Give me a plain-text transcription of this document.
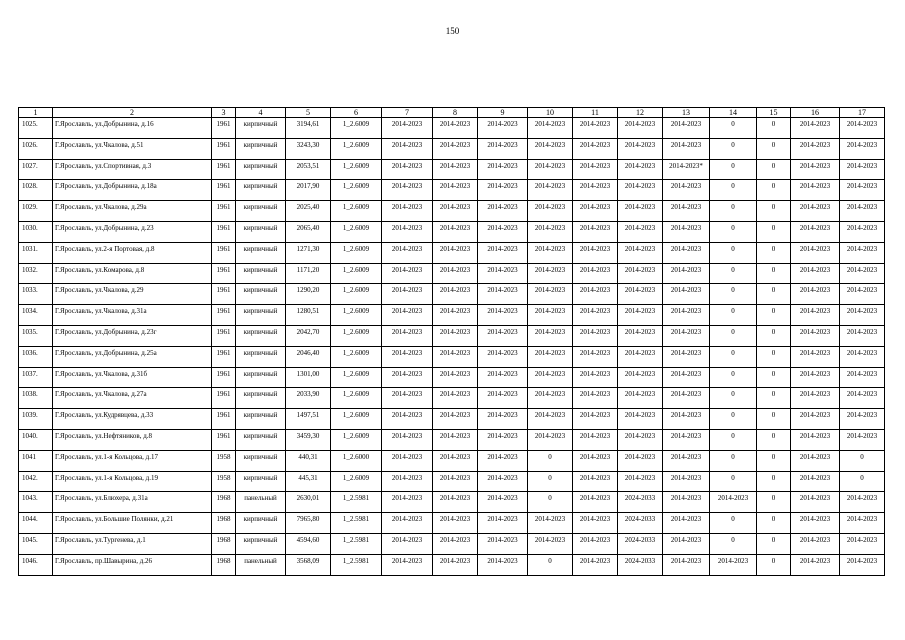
150
1	2	3	4	5	6	7	8	9	10	11	12	13	14	15	16	17
1025.	Г.Ярославль, ул.Добрынина, д.16	1961	кирпичный	3194,61	1_2.6009	2014-2023	2014-2023	2014-2023	2014-2023	2014-2023	2014-2023	2014-2023	0	0	2014-2023	2014-2023
1026.	Г.Ярославль, ул.Чкалова, д.51	1961	кирпичный	3243,30	1_2.6009	2014-2023	2014-2023	2014-2023	2014-2023	2014-2023	2014-2023	2014-2023	0	0	2014-2023	2014-2023
1027.	Г.Ярославль, ул.Спортивная, д.3	1961	кирпичный	2053,51	1_2.6009	2014-2023	2014-2023	2014-2023	2014-2023	2014-2023	2014-2023	2014-2023*	0	0	2014-2023	2014-2023
1028.	Г.Ярославль, ул.Добрынина, д.18а	1961	кирпичный	2017,90	1_2.6009	2014-2023	2014-2023	2014-2023	2014-2023	2014-2023	2014-2023	2014-2023	0	0	2014-2023	2014-2023
1029.	Г.Ярославль, ул.Чкалова, д.29а	1961	кирпичный	2025,40	1_2.6009	2014-2023	2014-2023	2014-2023	2014-2023	2014-2023	2014-2023	2014-2023	0	0	2014-2023	2014-2023
1030.	Г.Ярославль, ул.Добрынина, д.23	1961	кирпичный	2065,40	1_2.6009	2014-2023	2014-2023	2014-2023	2014-2023	2014-2023	2014-2023	2014-2023	0	0	2014-2023	2014-2023
1031.	Г.Ярославль, ул.2-я Портовая, д.8	1961	кирпичный	1271,30	1_2.6009	2014-2023	2014-2023	2014-2023	2014-2023	2014-2023	2014-2023	2014-2023	0	0	2014-2023	2014-2023
1032.	Г.Ярославль, ул.Комарова, д.8	1961	кирпичный	1171,20	1_2.6009	2014-2023	2014-2023	2014-2023	2014-2023	2014-2023	2014-2023	2014-2023	0	0	2014-2023	2014-2023
1033.	Г.Ярославль, ул.Чкалова, д.29	1961	кирпичный	1290,20	1_2.6009	2014-2023	2014-2023	2014-2023	2014-2023	2014-2023	2014-2023	2014-2023	0	0	2014-2023	2014-2023
1034.	Г.Ярославль, ул.Чкалова, д.31а	1961	кирпичный	1280,51	1_2.6009	2014-2023	2014-2023	2014-2023	2014-2023	2014-2023	2014-2023	2014-2023	0	0	2014-2023	2014-2023
1035.	Г.Ярославль, ул.Добрынина, д.23г	1961	кирпичный	2042,70	1_2.6009	2014-2023	2014-2023	2014-2023	2014-2023	2014-2023	2014-2023	2014-2023	0	0	2014-2023	2014-2023
1036.	Г.Ярославль, ул.Добрынина, д.25а	1961	кирпичный	2046,40	1_2.6009	2014-2023	2014-2023	2014-2023	2014-2023	2014-2023	2014-2023	2014-2023	0	0	2014-2023	2014-2023
1037.	Г.Ярославль, ул.Чкалова, д.31б	1961	кирпичный	1301,00	1_2.6009	2014-2023	2014-2023	2014-2023	2014-2023	2014-2023	2014-2023	2014-2023	0	0	2014-2023	2014-2023
1038.	Г.Ярославль, ул.Чкалова, д.27а	1961	кирпичный	2033,90	1_2.6009	2014-2023	2014-2023	2014-2023	2014-2023	2014-2023	2014-2023	2014-2023	0	0	2014-2023	2014-2023
1039.	Г.Ярославль, ул.Кудрявцева, д.33	1961	кирпичный	1497,51	1_2.6009	2014-2023	2014-2023	2014-2023	2014-2023	2014-2023	2014-2023	2014-2023	0	0	2014-2023	2014-2023
1040.	Г.Ярославль, ул.Нефтяников, д.8	1961	кирпичный	3459,30	1_2.6009	2014-2023	2014-2023	2014-2023	2014-2023	2014-2023	2014-2023	2014-2023	0	0	2014-2023	2014-2023
1041	Г.Ярославль, ул.1-я Кольцова, д.17	1958	кирпичный	440,31	1_2.6000	2014-2023	2014-2023	2014-2023	0	2014-2023	2014-2023	2014-2023	0	0	2014-2023	0
1042.	Г.Ярославль, ул.1-я Кольцова, д.19	1958	кирпичный	445,31	1_2.6009	2014-2023	2014-2023	2014-2023	0	2014-2023	2014-2023	2014-2023	0	0	2014-2023	0
1043.	Г.Ярославль, ул.Блюхера, д.31а	1968	панельный	2630,01	1_2.5981	2014-2023	2014-2023	2014-2023	0	2014-2023	2024-2033	2014-2023	2014-2023	0	2014-2023	2014-2023
1044.	Г.Ярославль, ул.Большие Полянки, д.21	1968	кирпичный	7965,80	1_2.5981	2014-2023	2014-2023	2014-2023	2014-2023	2014-2023	2024-2033	2014-2023	0	0	2014-2023	2014-2023
1045.	Г.Ярославль, ул.Тургенева, д.1	1968	кирпичный	4594,60	1_2.5981	2014-2023	2014-2023	2014-2023	2014-2023	2014-2023	2024-2033	2014-2023	0	0	2014-2023	2014-2023
1046.	Г.Ярославль, пр.Шавырина, д.26	1968	панельный	3568,09	1_2.5981	2014-2023	2014-2023	2014-2023	0	2014-2023	2024-2033	2014-2023	2014-2023	0	2014-2023	2014-2023
